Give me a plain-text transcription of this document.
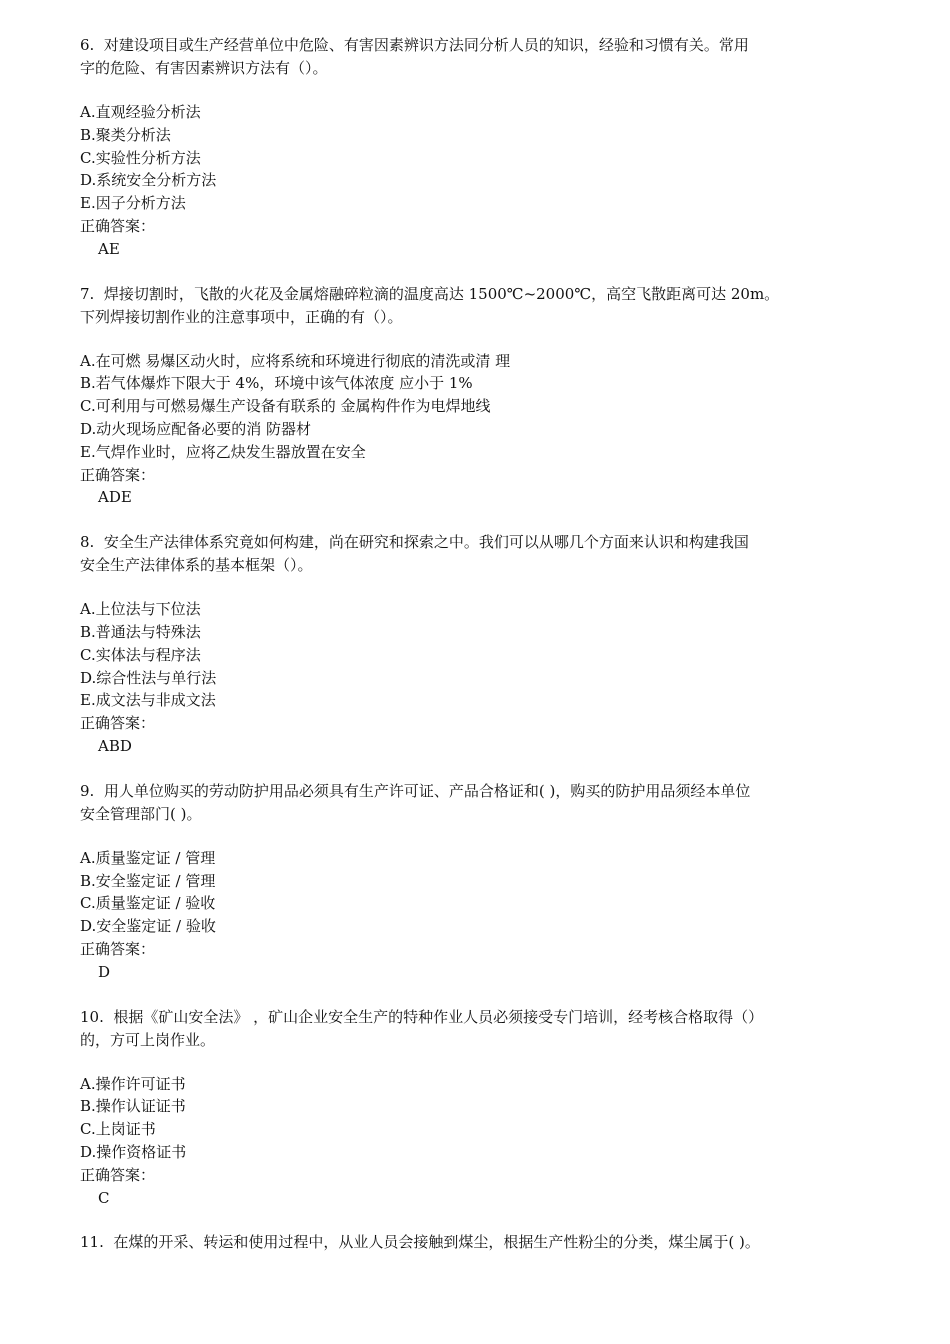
6.  对建设项目或生产经营单位中危险、有害因素辨识方法同分析人员的知识，经验和习惯有关。常用
字的危险、有害因素辨识方法有（）。
A.直观经验分析法
B.聚类分析法
C.实验性分析方法
D.系统安全分析方法
E.因子分析方法
正确答案：
AE
7.  焊接切割时，飞散的火花及金属熔融碎粒滴的温度高达 1500℃~2000℃，高空飞散距离可达 20m。
下列焊接切割作业的注意事项中，正确的有（）。
A.在可燃 易爆区动火时，应将系统和环境进行彻底的清洗或清 理
B.若气体爆炸下限大于 4%，环境中该气体浓度 应小于 1%
C.可利用与可燃易爆生产设备有联系的 金属构件作为电焊地线
D.动火现场应配备必要的消 防器材
E.气焊作业时，应将乙炔发生器放置在安全
正确答案：
ADE
8.  安全生产法律体系究竟如何构建，尚在研究和探索之中。我们可以从哪几个方面来认识和构建我国
安全生产法律体系的基本框架（）。
A.上位法与下位法
B.普通法与特殊法
C.实体法与程序法
D.综合性法与单行法
E.成文法与非成文法
正确答案：
ABD
9.  用人单位购买的劳动防护用品必须具有生产许可证、产品合格证和( )，购买的防护用品须经本单位
安全管理部门( )。
A.质量鉴定证 / 管理
B.安全鉴定证 / 管理
C.质量鉴定证 / 验收
D.安全鉴定证 / 验收
正确答案：
D
10.  根据《矿山安全法》 ，矿山企业安全生产的特种作业人员必须接受专门培训，经考核合格取得（）
的，方可上岗作业。
A.操作许可证书
B.操作认证证书
C.上岗证书
D.操作资格证书
正确答案：
C
11.  在煤的开采、转运和使用过程中，从业人员会接触到煤尘，根据生产性粉尘的分类，煤尘属于( )。
